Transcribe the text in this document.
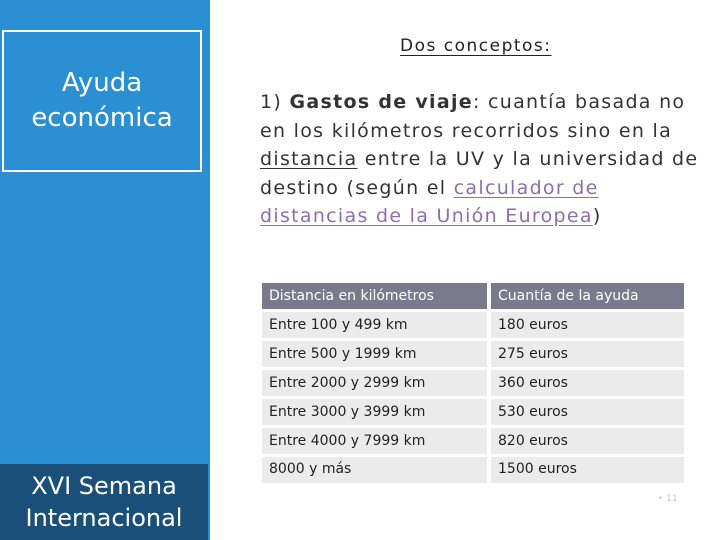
Ayuda
económica
XVI Semana
Internacional
Dos conceptos:
1) Gastos de viaje: cuantía basada no en los kilómetros recorridos sino en la distancia entre la UV y la universidad de destino (según el calculador de distancias de la Unión Europea)
Distancia en kilómetros	Cuantía de la ayuda
Entre 100 y 499 km	180 euros
Entre 500 y 1999 km	275 euros
Entre 2000 y 2999 km	360 euros
Entre 3000 y 3999 km	530 euros
Entre 4000 y 7999 km	820 euros
8000 y más	1500 euros
• 11
